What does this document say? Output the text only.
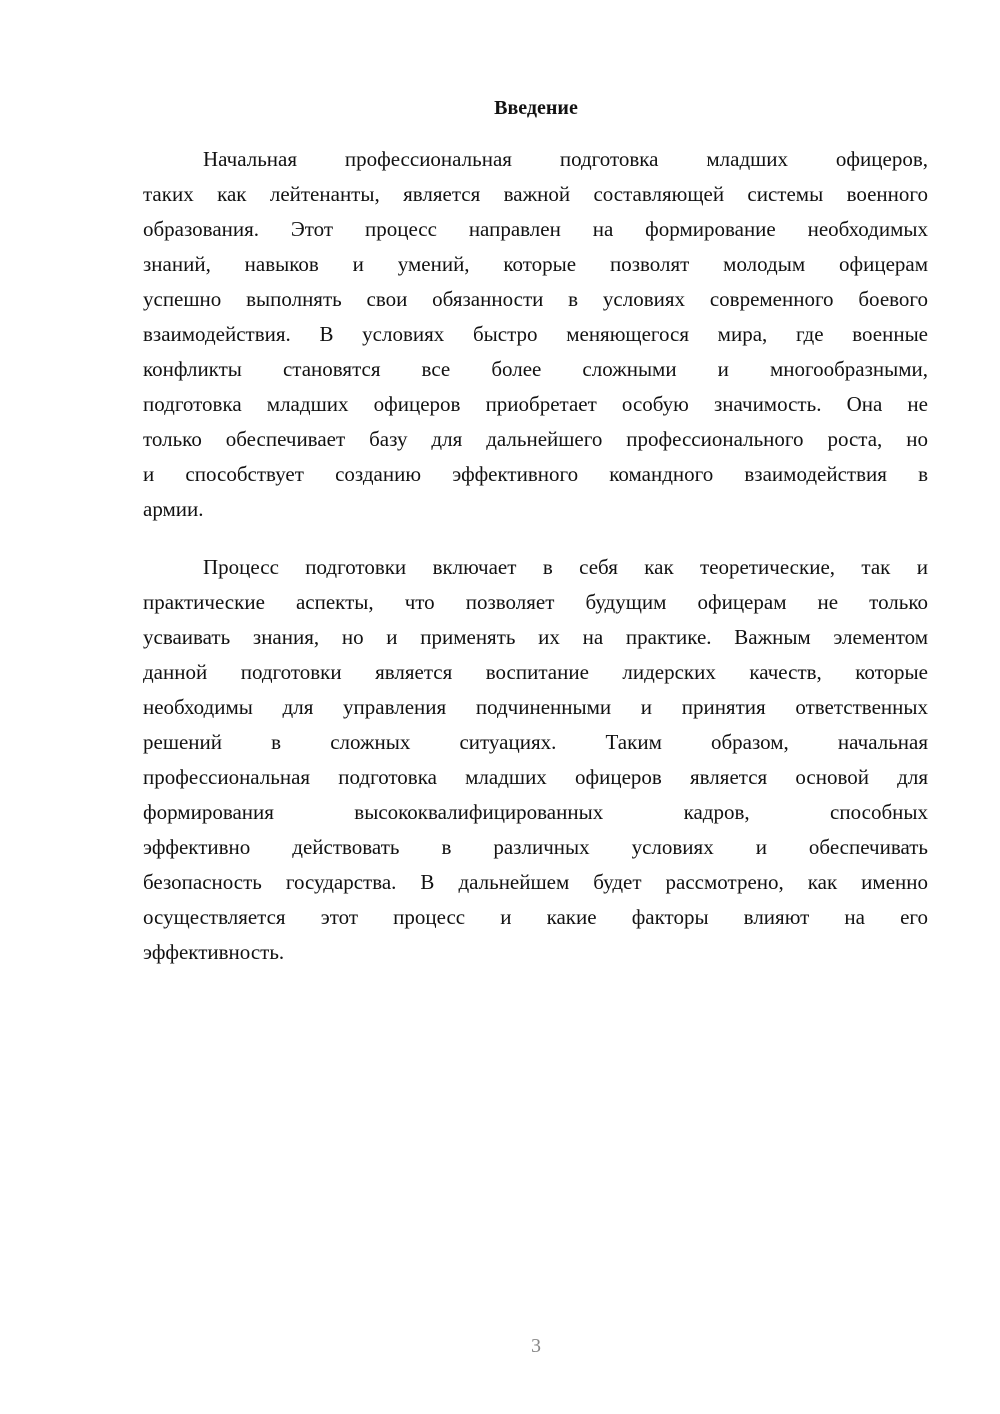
Введение
Начальная профессиональная подготовка младших офицеров,
таких как лейтенанты, является важной составляющей системы военного
образования. Этот процесс направлен на формирование необходимых
знаний, навыков и умений, которые позволят молодым офицерам
успешно выполнять свои обязанности в условиях современного боевого
взаимодействия. В условиях быстро меняющегося мира, где военные
конфликты становятся все более сложными и многообразными,
подготовка младших офицеров приобретает особую значимость. Она не
только обеспечивает базу для дальнейшего профессионального роста, но
и способствует созданию эффективного командного взаимодействия в
армии.
Процесс подготовки включает в себя как теоретические, так и
практические аспекты, что позволяет будущим офицерам не только
усваивать знания, но и применять их на практике. Важным элементом
данной подготовки является воспитание лидерских качеств, которые
необходимы для управления подчиненными и принятия ответственных
решений в сложных ситуациях. Таким образом, начальная
профессиональная подготовка младших офицеров является основой для
формирования высококвалифицированных кадров, способных
эффективно действовать в различных условиях и обеспечивать
безопасность государства. В дальнейшем будет рассмотрено, как именно
осуществляется этот процесс и какие факторы влияют на его
эффективность.
3
